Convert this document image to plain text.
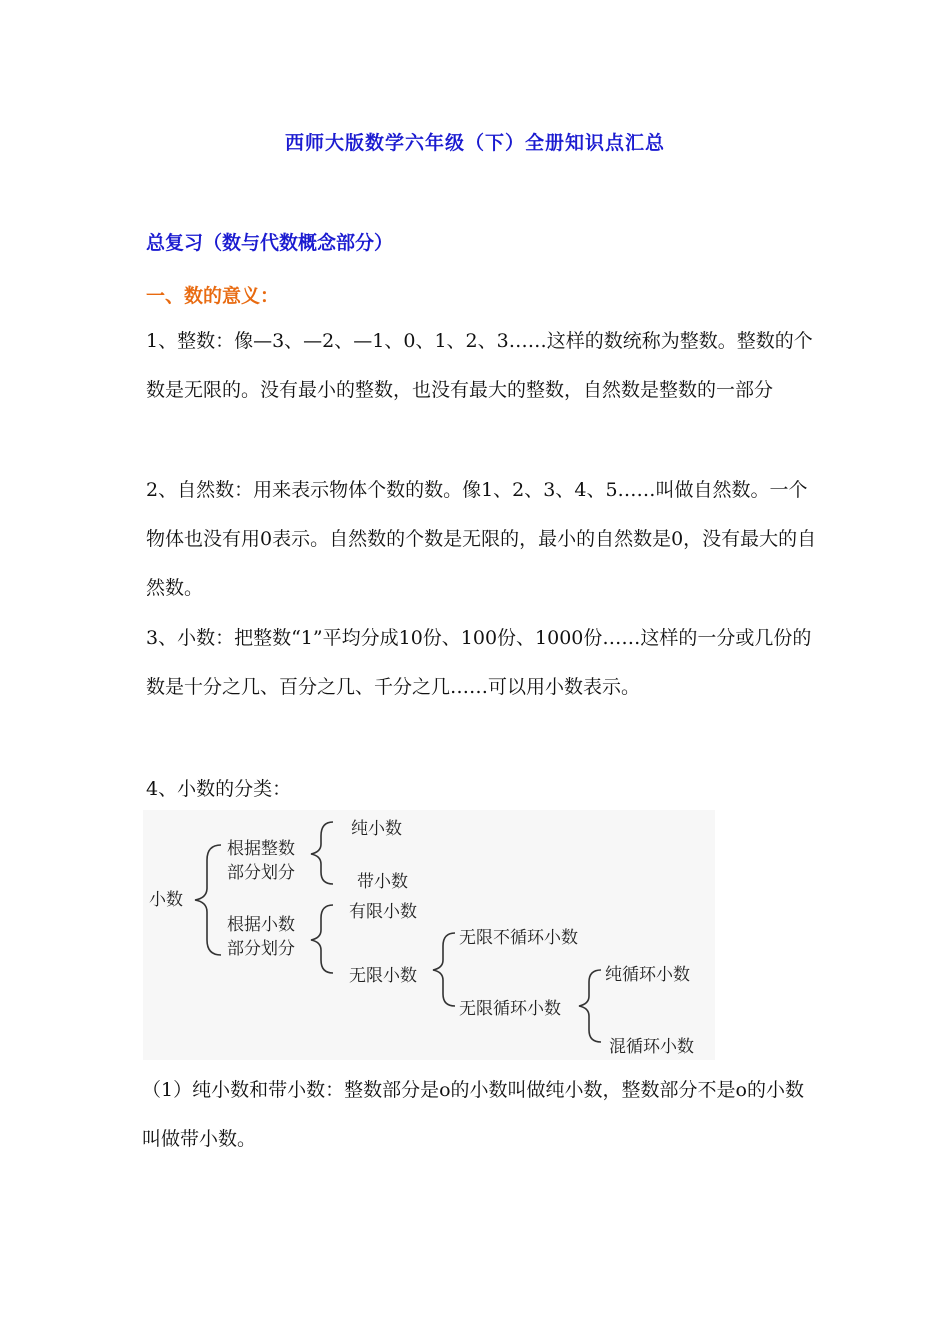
西师大版数学六年级（下）全册知识点汇总
总复习（数与代数概念部分）
一、数的意义：
1、整数：像—3、—2、—1、0、1、2、3……这样的数统称为整数。整数的个数是无限的。没有最小的整数，也没有最大的整数，自然数是整数的一部分
2、自然数：用来表示物体个数的数。像1、2、3、4、5……叫做自然数。一个物体也没有用0表示。自然数的个数是无限的，最小的自然数是0，没有最大的自然数。
3、小数：把整数“1”平均分成10份、100份、1000份……这样的一分或几份的数是十分之几、百分之几、千分之几……可以用小数表示。
4、小数的分类：
小数
根据整数
部分划分
纯小数
带小数
根据小数
部分划分
有限小数
无限小数
无限不循环小数
无限循环小数
纯循环小数
混循环小数
（1）纯小数和带小数：整数部分是o的小数叫做纯小数，整数部分不是o的小数叫做带小数。
